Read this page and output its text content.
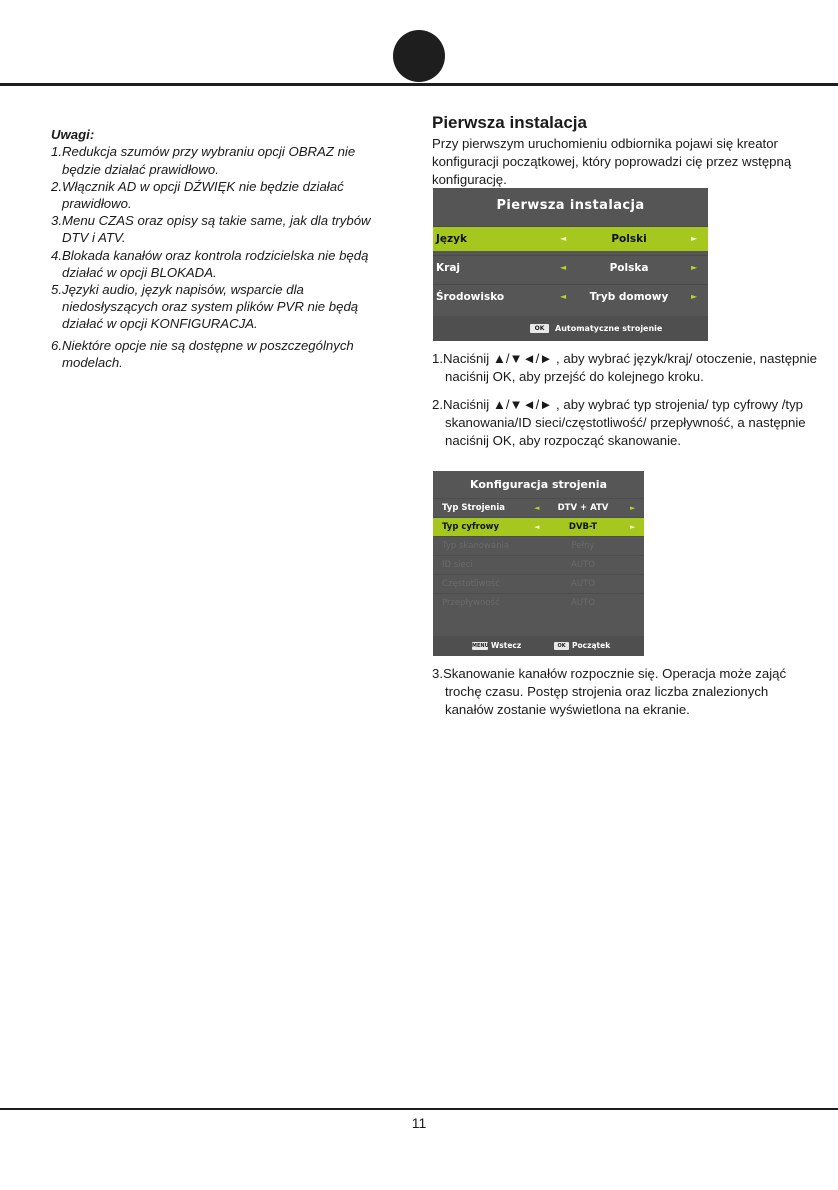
Uwagi:

1.Redukcja szumów przy wybraniu opcji OBRAZ nie będzie działać prawidłowo.

2.Włącznik AD w opcji DŹWIĘK nie będzie działać prawidłowo.

3.Menu CZAS oraz opisy są takie same, jak dla trybów DTV i ATV.

4.Blokada kanałów oraz kontrola rodzicielska nie będą działać w opcji BLOKADA.

5.Języki audio, język napisów, wsparcie dla niedosłyszących oraz system plików PVR nie będą działać w opcji KONFIGURACJA.

6.Niektóre opcje nie są dostępne w poszczególnych modelach.

Pierwsza instalacja

Przy pierwszym uruchomieniu odbiornika pojawi się kreator konfiguracji początkowej, który poprowadzi cię przez wstępną konfigurację.

1.Naciśnij ▲/▼◄/► , aby wybrać język/kraj/ otoczenie, następnie naciśnij OK, aby przejść do kolejnego kroku.

2.Naciśnij ▲/▼◄/► , aby wybrać typ strojenia/ typ cyfrowy /typ skanowania/ID sieci/częstotliwość/ przepływność, a następnie naciśnij OK, aby rozpocząć skanowanie.

3.Skanowanie kanałów rozpocznie się. Operacja może zająć trochę czasu. Postęp strojenia oraz liczba znalezionych kanałów zostanie wyświetlona na ekranie.

Pierwsza instalacja
Język	◄	Polski	►
Kraj	◄	Polska	►
Środowisko	◄	Tryb domowy	►
OK	Automatyczne strojenie
Konfiguracja strojenia
Typ Strojenia	◄	DTV + ATV	►
Typ cyfrowy	◄	DVB-T	►
Typ skanowania	Pełny
ID sieci	AUTO
Częstotliwość	AUTO
Przepływność	AUTO
MENU Wstecz	OK Początek
11
